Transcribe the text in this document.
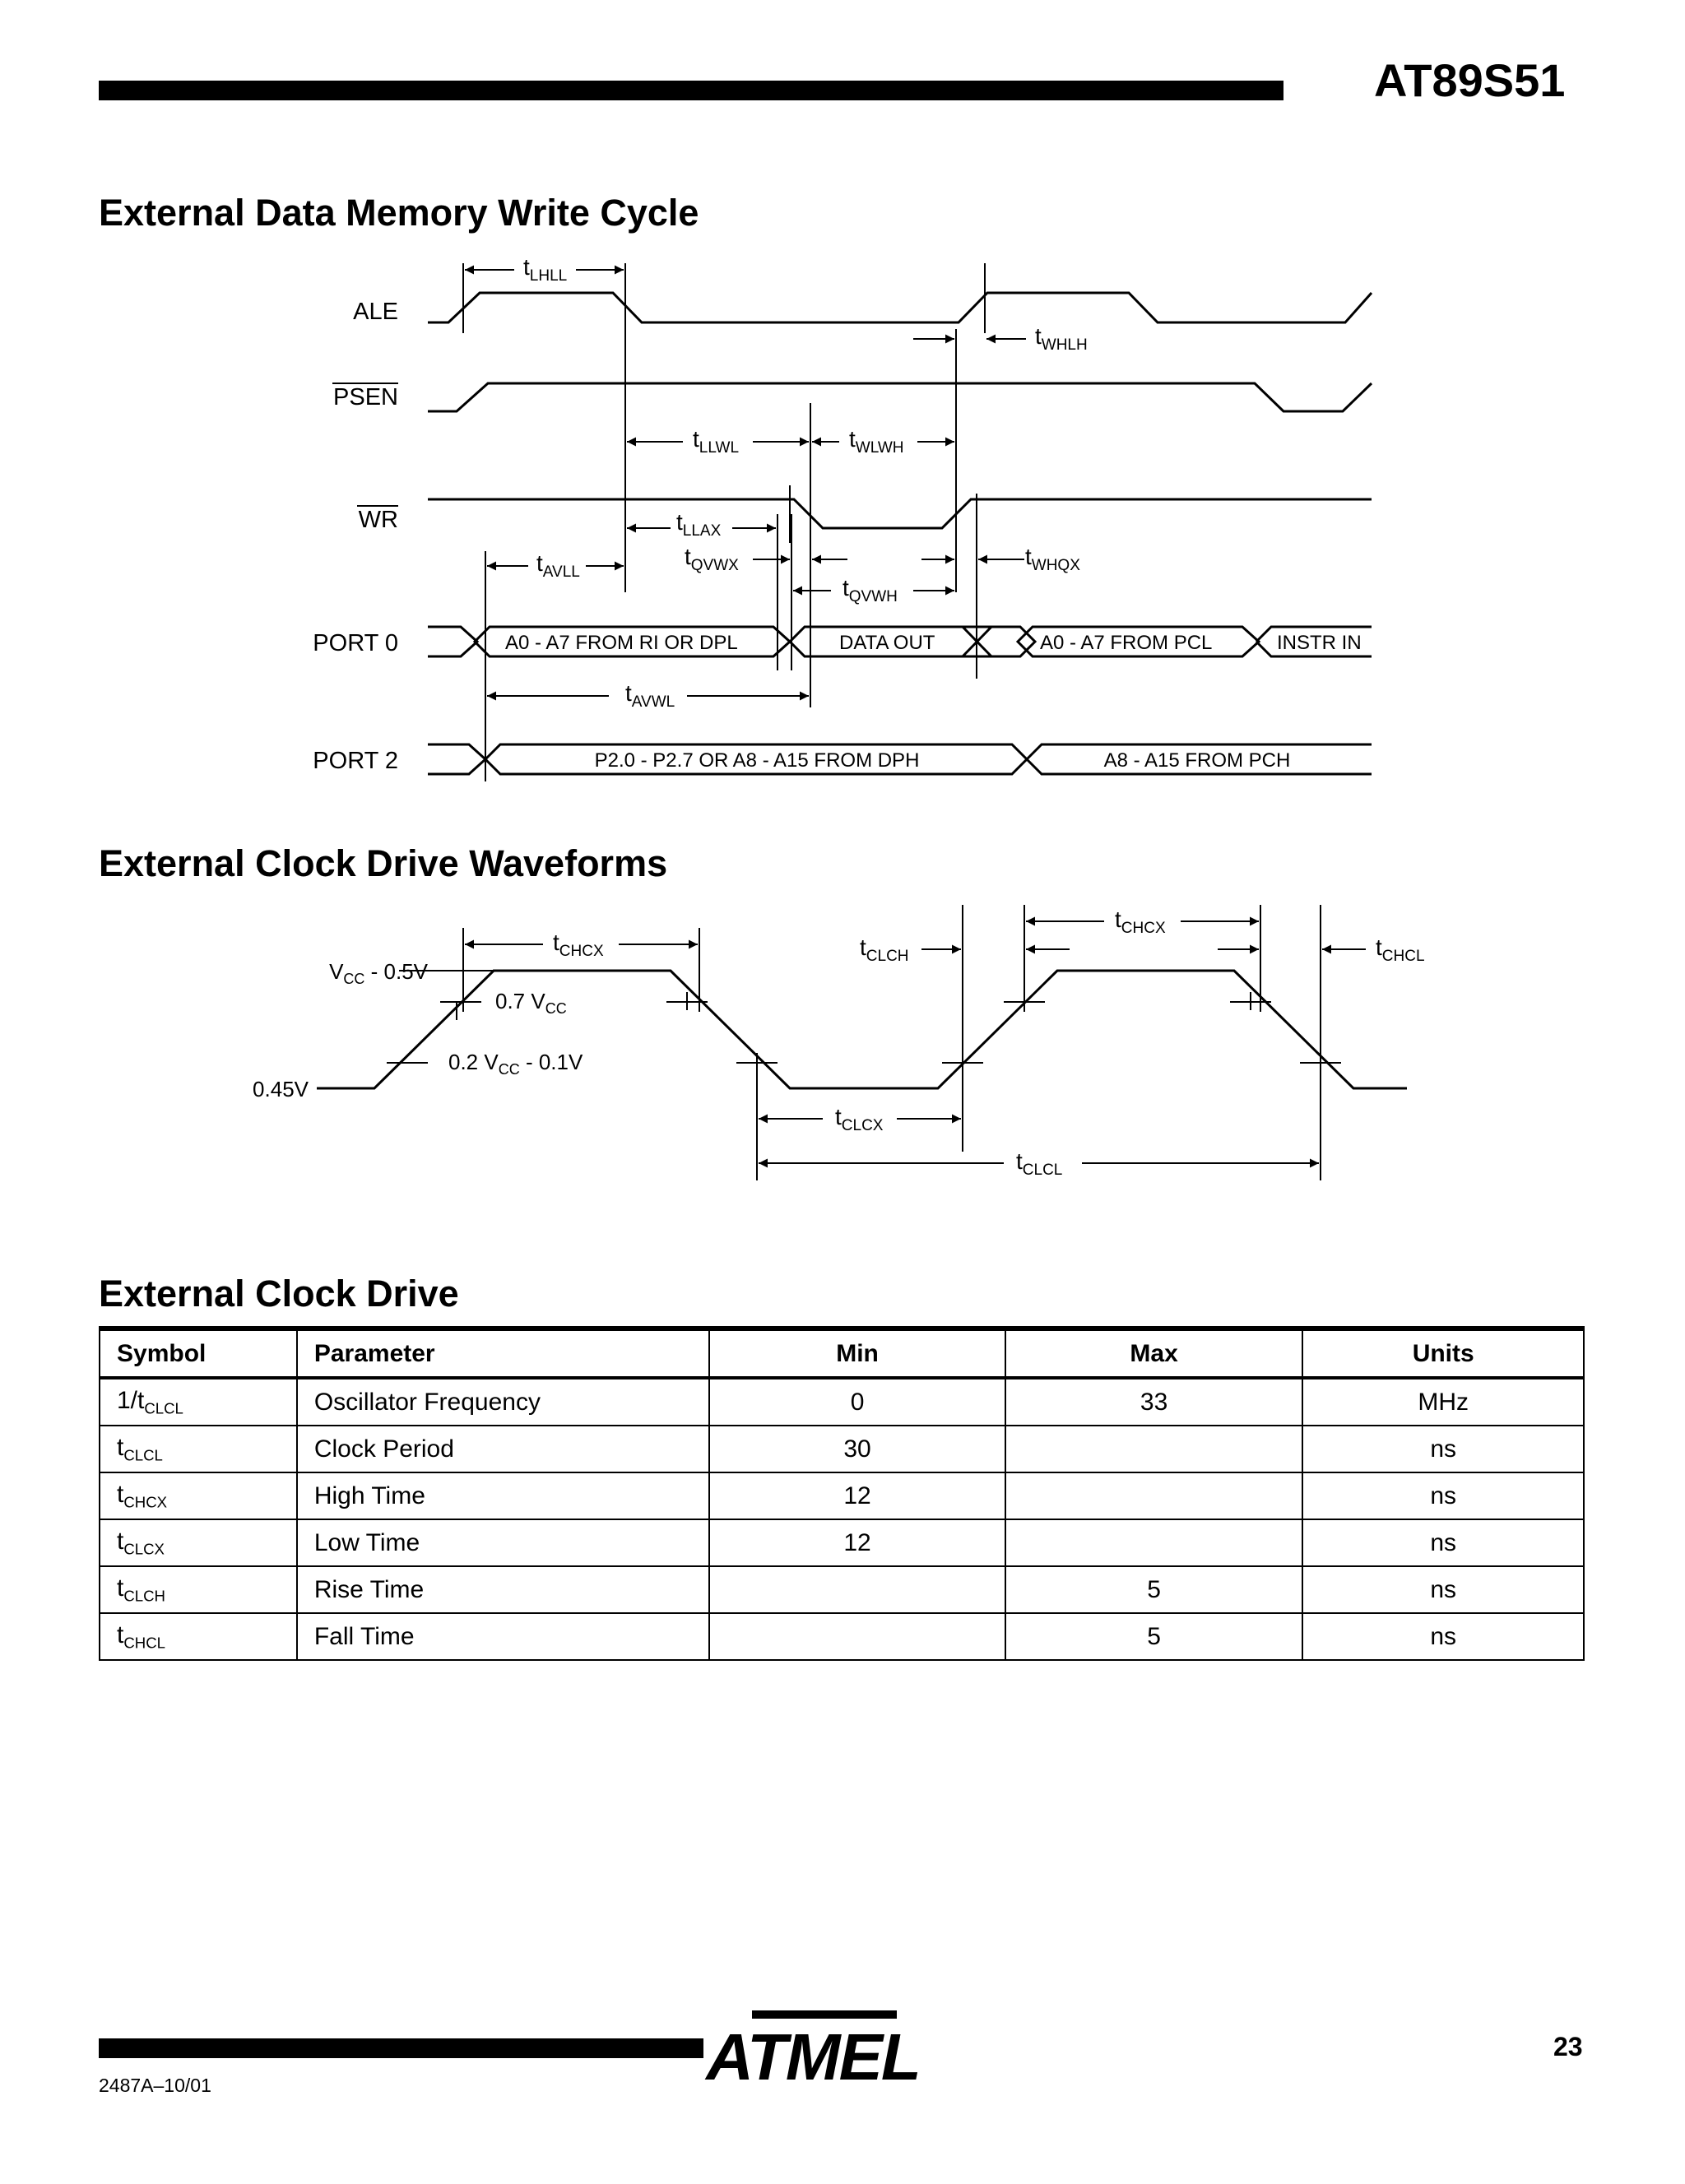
AT89S51
External Data Memory Write Cycle
ALE
PSEN
WR
PORT 0
PORT 2
$t_{LHLL}$
$t_{WHLH}$
$t_{LLWL}$	$t_{WLWH}$
$t_{LLAX}$
$t_{AVLL}$
$t_{QVWX}$
$t_{QVWH}$
$t_{WHQX}$
$t_{AVWL}$
A0 - A7 FROM RI OR DPL	DATA OUT	A0 - A7 FROM PCL	INSTR IN
P2.0 - P2.7 OR A8 - A15 FROM DPH	A8 - A15 FROM PCH
External Clock Drive Waveforms
$V_{CC} - 0.5V$
0.7 $V_{CC}$
0.2 $V_{CC} - 0.1V$
0.45V
$t_{CHCX}$	$t_{CLCH}$
$t_{CHCX}$
$t_{CHCL}$
$t_{CLCX}$
$t_{CLCL}$
External Clock Drive
Symbol	Parameter	Min	Max	Units
$1/t_{CLCL}$	Oscillator Frequency	0	33	MHz
$t_{CLCL}$	Clock Period	30		ns
$t_{CHCX}$	High Time	12		ns
$t_{CLCX}$	Low Time	12		ns
$t_{CLCH}$	Rise Time		5	ns
$t_{CHCL}$	Fall Time		5	ns
ATMEL	23
2487A–10/01
